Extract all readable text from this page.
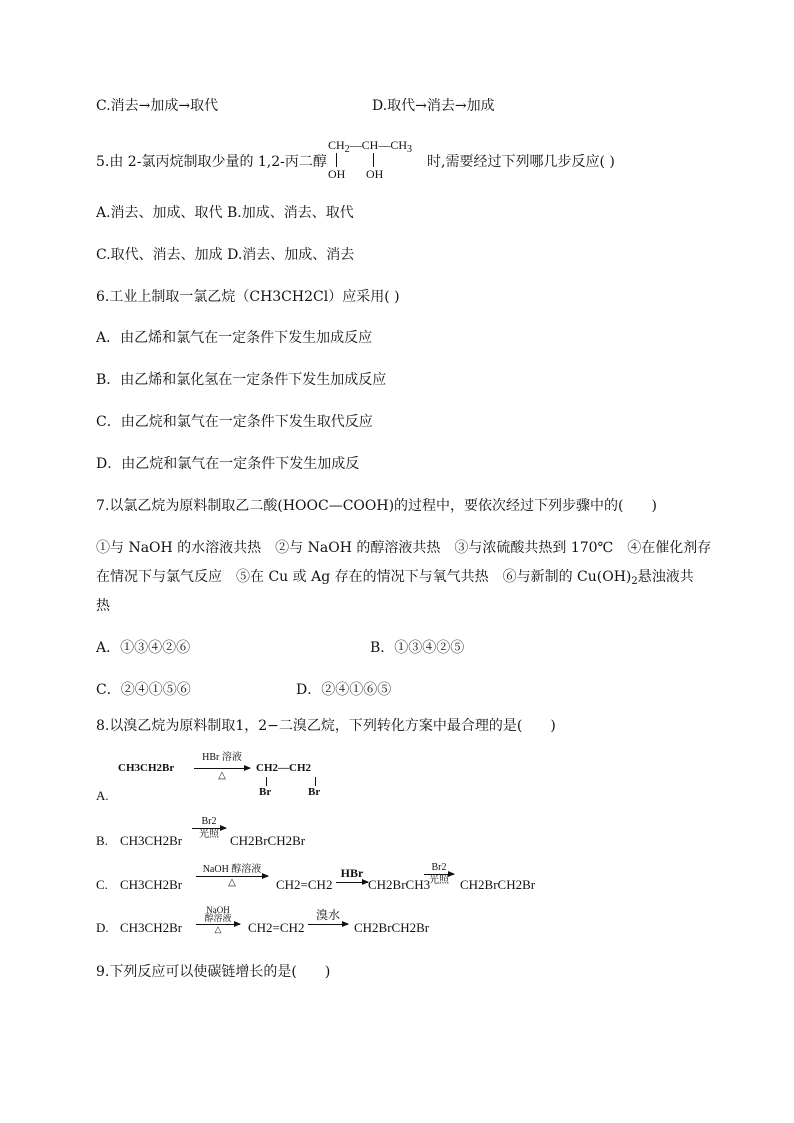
C.消去→加成→取代	D.取代→消去→加成
5.由 2-氯丙烷制取少量的 1,2-丙二醇
$CH_2—CH—CH_3$
OH OH
时,需要经过下列哪几步反应( )
A.消去、加成、取代 B.加成、消去、取代
C.取代、消去、加成 D.消去、加成、消去
6.工业上制取一氯乙烷（CH3CH2Cl）应采用( )
A．由乙烯和氯气在一定条件下发生加成反应
B．由乙烯和氯化氢在一定条件下发生加成反应
C．由乙烷和氯气在一定条件下发生取代反应
D．由乙烷和氯气在一定条件下发生加成反
7.以氯乙烷为原料制取乙二酸(HOOC—COOH)的过程中，要依次经过下列步骤中的(　　)
①与 NaOH 的水溶液共热　②与 NaOH 的醇溶液共热　③与浓硫酸共热到 170℃　④在催化剂存
在情况下与氯气反应　⑤在 Cu 或 Ag 存在的情况下与氧气共热　⑥与新制的 $Cu(OH)_2$悬浊液共
热
A．①③④②⑥	B．①③④②⑤
C．②④①⑤⑥	D．②④①⑥⑤
8.以溴乙烷为原料制取1，2−二溴乙烷，下列转化方案中最合理的是(　　)
A.
CH3CH2Br
HBr 溶液
△
CH2—CH2
Br	Br
B. CH3CH2Br
Br2
光照 CH2BrCH2Br
C. CH3CH2Br
NaOH 醇溶液
△	CH2=CH2
HBr
CH2BrCH3
Br2
光照 CH2BrCH2Br
D. CH3CH2Br
NaOH
醇溶液
△	CH2=CH2
溴水
CH2BrCH2Br
9.下列反应可以使碳链增长的是(　　)
